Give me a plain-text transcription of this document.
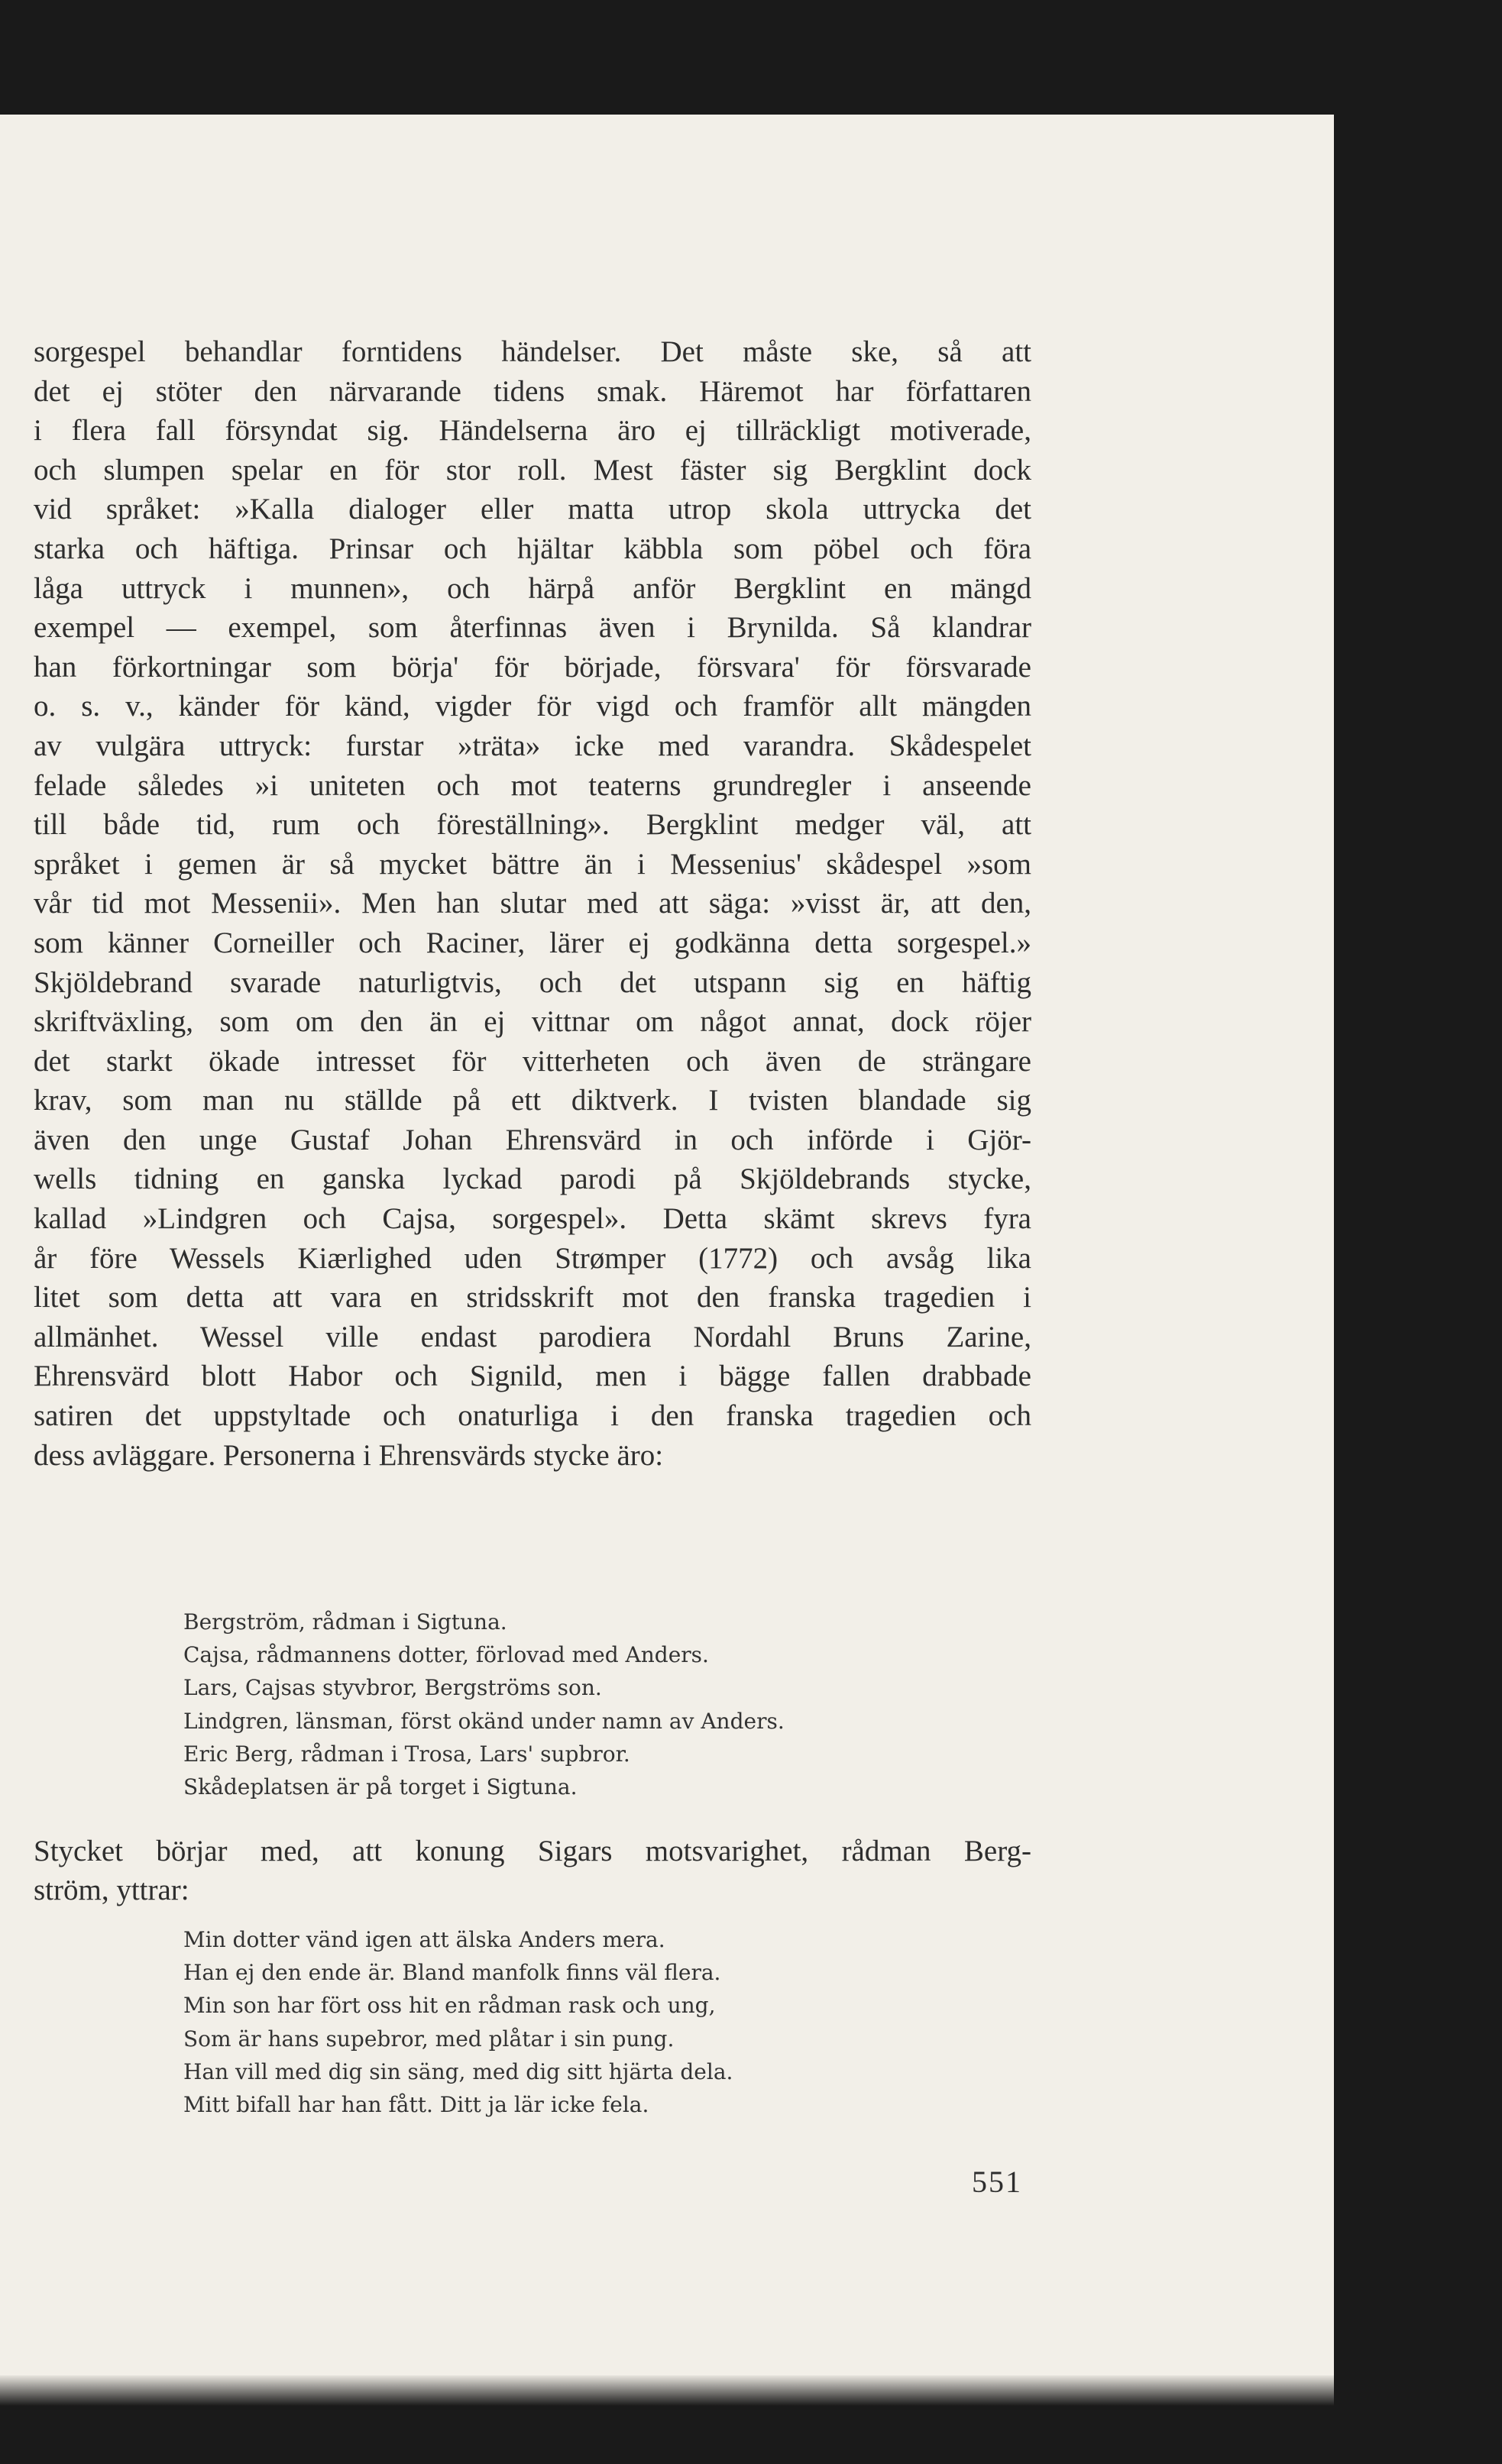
sorgespel behandlar forntidens händelser. Det måste ske, så att
det ej stöter den närvarande tidens smak. Häremot har författaren
i flera fall försyndat sig. Händelserna äro ej tillräckligt motiverade,
och slumpen spelar en för stor roll. Mest fäster sig Bergklint dock
vid språket: »Kalla dialoger eller matta utrop skola uttrycka det
starka och häftiga. Prinsar och hjältar käbbla som pöbel och föra
låga uttryck i munnen», och härpå anför Bergklint en mängd
exempel — exempel, som återfinnas även i Brynilda. Så klandrar
han förkortningar som börja' för började, försvara' för försvarade
o. s. v., känder för känd, vigder för vigd och framför allt mängden
av vulgära uttryck: furstar »träta» icke med varandra. Skådespelet
felade således »i uniteten och mot teaterns grundregler i anseende
till både tid, rum och föreställning». Bergklint medger väl, att
språket i gemen är så mycket bättre än i Messenius' skådespel »som
vår tid mot Messenii». Men han slutar med att säga: »visst är, att den,
som känner Corneiller och Raciner, lärer ej godkänna detta sorgespel.»
Skjöldebrand svarade naturligtvis, och det utspann sig en häftig
skriftväxling, som om den än ej vittnar om något annat, dock röjer
det starkt ökade intresset för vitterheten och även de strängare
krav, som man nu ställde på ett diktverk. I tvisten blandade sig
även den unge Gustaf Johan Ehrensvärd in och införde i Gjör-
wells tidning en ganska lyckad parodi på Skjöldebrands stycke,
kallad »Lindgren och Cajsa, sorgespel». Detta skämt skrevs fyra
år före Wessels Kiærlighed uden Strømper (1772) och avsåg lika
litet som detta att vara en stridsskrift mot den franska tragedien i
allmänhet. Wessel ville endast parodiera Nordahl Bruns Zarine,
Ehrensvärd blott Habor och Signild, men i bägge fallen drabbade
satiren det uppstyltade och onaturliga i den franska tragedien och
dess avläggare. Personerna i Ehrensvärds stycke äro:
Bergström, rådman i Sigtuna.
Cajsa, rådmannens dotter, förlovad med Anders.
Lars, Cajsas styvbror, Bergströms son.
Lindgren, länsman, först okänd under namn av Anders.
Eric Berg, rådman i Trosa, Lars' supbror.
Skådeplatsen är på torget i Sigtuna.
Stycket börjar med, att konung Sigars motsvarighet, rådman Berg-
ström, yttrar:
Min dotter vänd igen att älska Anders mera.
Han ej den ende är. Bland manfolk finns väl flera.
Min son har fört oss hit en rådman rask och ung,
Som är hans supebror, med plåtar i sin pung.
Han vill med dig sin säng, med dig sitt hjärta dela.
Mitt bifall har han fått. Ditt ja lär icke fela.
551
